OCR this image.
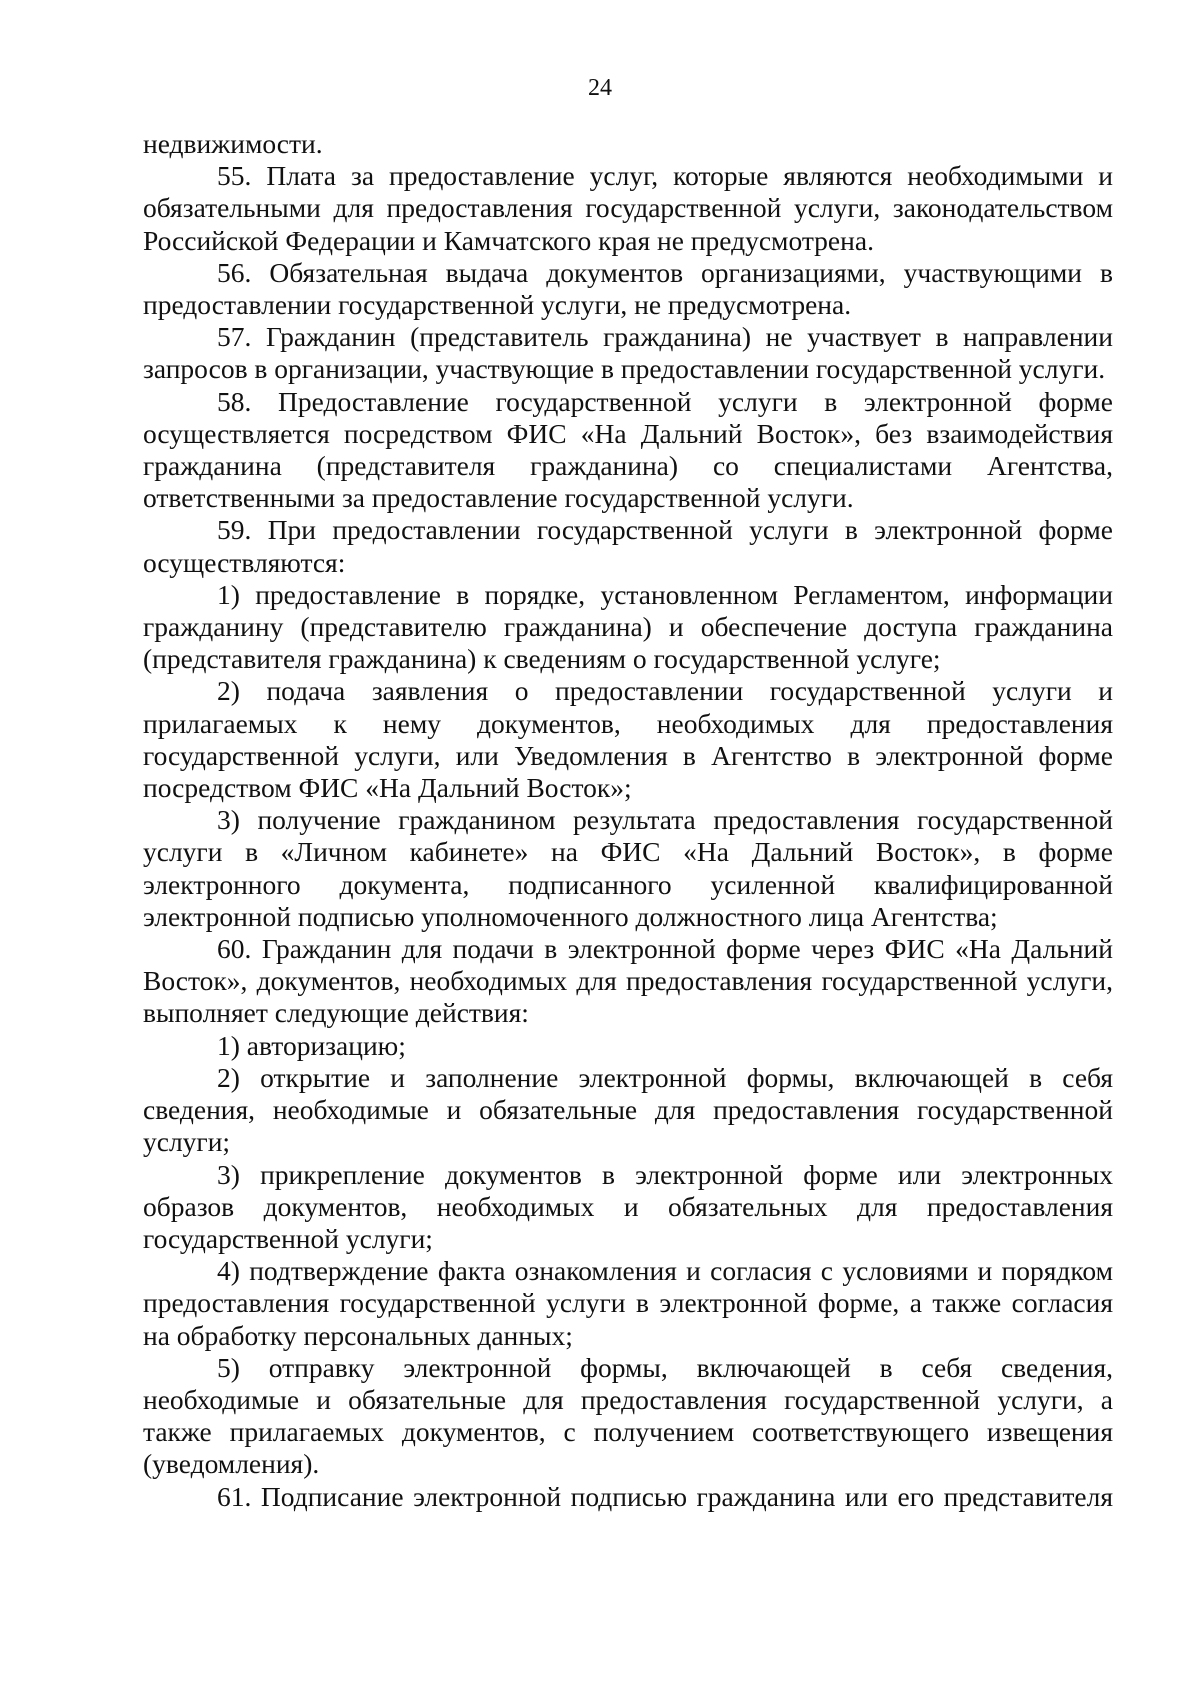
24

недвижимости.

55. Плата за предоставление услуг, которые являются необходимыми и обязательными для предоставления государственной услуги, законодательством Российской Федерации и Камчатского края не предусмотрена.

56. Обязательная выдача документов организациями, участвующими в предоставлении государственной услуги, не предусмотрена.

57. Гражданин (представитель гражданина) не участвует в направлении запросов в организации, участвующие в предоставлении государственной услуги.

58. Предоставление государственной услуги в электронной форме осуществляется посредством ФИС «На Дальний Восток», без взаимодействия гражданина (представителя гражданина) со специалистами Агентства, ответственными за предоставление государственной услуги.

59. При предоставлении государственной услуги в электронной форме осуществляются:

1) предоставление в порядке, установленном Регламентом, информации гражданину (представителю гражданина) и обеспечение доступа гражданина (представителя гражданина) к сведениям о государственной услуге;

2) подача заявления о предоставлении государственной услуги и прилагаемых к нему документов, необходимых для предоставления государственной услуги, или Уведомления в Агентство в электронной форме посредством ФИС «На Дальний Восток»;

3) получение гражданином результата предоставления государственной услуги в «Личном кабинете» на ФИС «На Дальний Восток», в форме электронного документа, подписанного усиленной квалифицированной электронной подписью уполномоченного должностного лица Агентства;

60. Гражданин для подачи в электронной форме через ФИС «На Дальний Восток», документов, необходимых для предоставления государственной услуги, выполняет следующие действия:

1) авторизацию;

2) открытие и заполнение электронной формы, включающей в себя сведения, необходимые и обязательные для предоставления государственной услуги;

3) прикрепление документов в электронной форме или электронных образов документов, необходимых и обязательных для предоставления государственной услуги;

4) подтверждение факта ознакомления и согласия с условиями и порядком предоставления государственной услуги в электронной форме, а также согласия на обработку персональных данных;

5) отправку электронной формы, включающей в себя сведения, необходимые и обязательные для предоставления государственной услуги, а также прилагаемых документов, с получением соответствующего извещения (уведомления).

61. Подписание электронной подписью гражданина или его представителя
